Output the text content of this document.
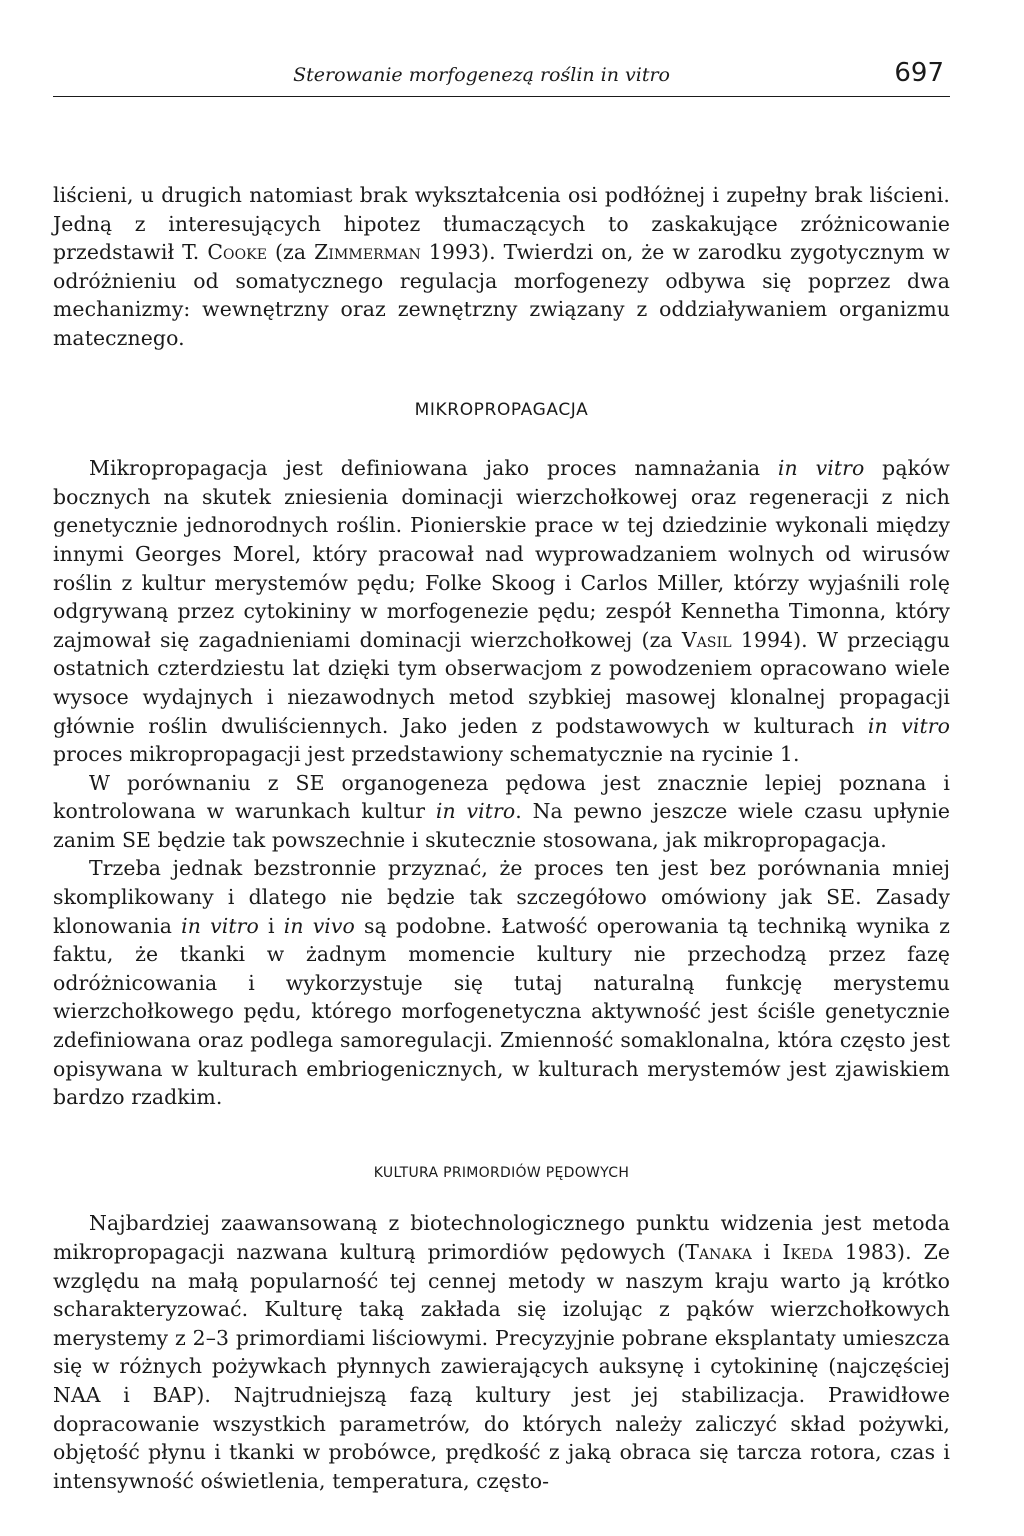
Sterowanie morfogenezą roślin in vitro	697

liścieni, u drugich natomiast brak wykształcenia osi podłóżnej i zupełny brak liścieni. Jedną z interesujących hipotez tłumaczących to zaskakujące zróżnicowanie przedstawił T. Cooke (za Zimmerman 1993). Twierdzi on, że w zarodku zygotycznym w odróżnieniu od somatycznego regulacja morfogenezy odbywa się poprzez dwa mechanizmy: wewnętrzny oraz zewnętrzny związany z oddziaływaniem organizmu matecznego.

MIKROPROPAGACJA

Mikropropagacja jest definiowana jako proces namnażania in vitro pąków bocznych na skutek zniesienia dominacji wierzchołkowej oraz regeneracji z nich genetycznie jednorodnych roślin. Pionierskie prace w tej dziedzinie wykonali między innymi Georges Morel, który pracował nad wyprowadzaniem wolnych od wirusów roślin z kultur merystemów pędu; Folke Skoog i Carlos Miller, którzy wyjaśnili rolę odgrywaną przez cytokininy w morfogenezie pędu; zespół Kennetha Timonna, który zajmował się zagadnieniami dominacji wierzchołkowej (za Vasil 1994). W przeciągu ostatnich czterdziestu lat dzięki tym obserwacjom z powodzeniem opracowano wiele wysoce wydajnych i niezawodnych metod szybkiej masowej klonalnej propagacji głównie roślin dwuliściennych. Jako jeden z podstawowych w kulturach in vitro proces mikropropagacji jest przedstawiony schematycznie na rycinie 1.

W porównaniu z SE organogeneza pędowa jest znacznie lepiej poznana i kontrolowana w warunkach kultur in vitro. Na pewno jeszcze wiele czasu upłynie zanim SE będzie tak powszechnie i skutecznie stosowana, jak mikropropagacja.

Trzeba jednak bezstronnie przyznać, że proces ten jest bez porównania mniej skomplikowany i dlatego nie będzie tak szczegółowo omówiony jak SE. Zasady klonowania in vitro i in vivo są podobne. Łatwość operowania tą techniką wynika z faktu, że tkanki w żadnym momencie kultury nie przechodzą przez fazę odróżnicowania i wykorzystuje się tutaj naturalną funkcję merystemu wierzchołkowego pędu, którego morfogenetyczna aktywność jest ściśle genetycznie zdefiniowana oraz podlega samoregulacji. Zmienność somaklonalna, która często jest opisywana w kulturach embriogenicznych, w kulturach merystemów jest zjawiskiem bardzo rzadkim.

KULTURA PRIMORDIÓW PĘDOWYCH

Najbardziej zaawansowaną z biotechnologicznego punktu widzenia jest metoda mikropropagacji nazwana kulturą primordiów pędowych (Tanaka i Ikeda 1983). Ze względu na małą popularność tej cennej metody w naszym kraju warto ją krótko scharakteryzować. Kulturę taką zakłada się izolując z pąków wierzchołkowych merystemy z 2–3 primordiami liściowymi. Precyzyjnie pobrane eksplantaty umieszcza się w różnych pożywkach płynnych zawierających auksynę i cytokininę (najczęściej NAA i BAP). Najtrudniejszą fazą kultury jest jej stabilizacja. Prawidłowe dopracowanie wszystkich parametrów, do których należy zaliczyć skład pożywki, objętość płynu i tkanki w probówce, prędkość z jaką obraca się tarcza rotora, czas i intensywność oświetlenia, temperatura, często-
